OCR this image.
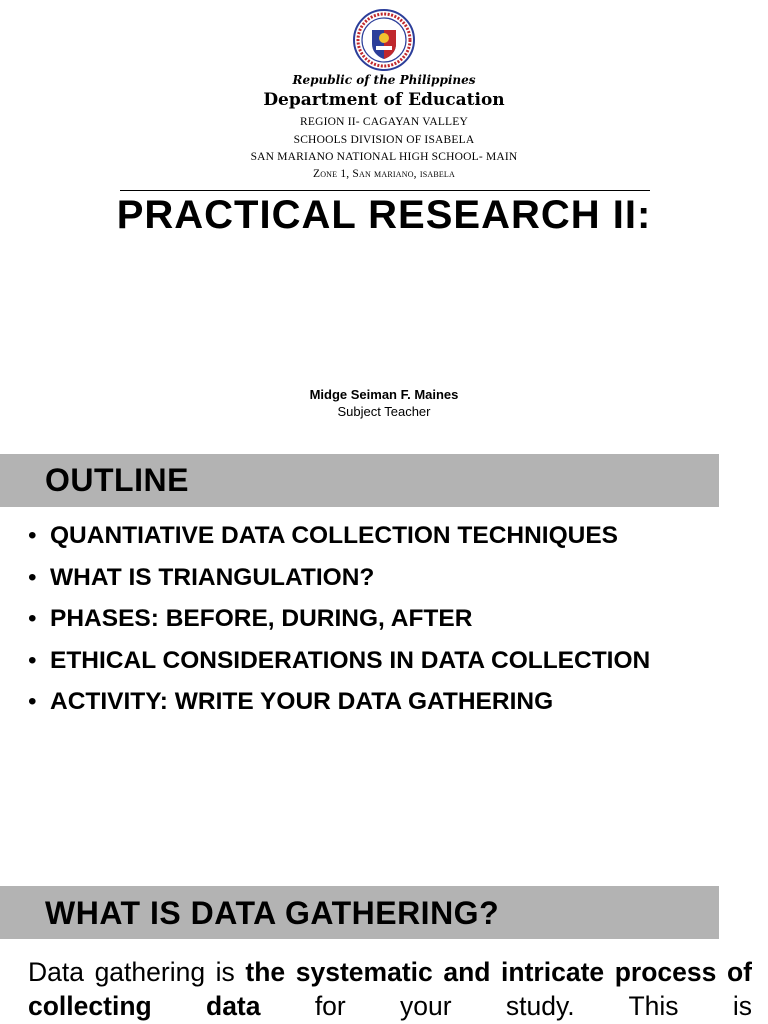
Republic of the Philippines
Department of Education
REGION II- CAGAYAN VALLEY
SCHOOLS DIVISION OF ISABELA
SAN MARIANO NATIONAL HIGH SCHOOL- MAIN
Zone 1, San mariano, isabela
PRACTICAL RESEARCH II:
Midge Seiman F. Maines
Subject Teacher
OUTLINE
• QUANTIATIVE DATA COLLECTION TECHNIQUES
• WHAT IS TRIANGULATION?
• PHASES: BEFORE, DURING, AFTER
• ETHICAL CONSIDERATIONS IN DATA COLLECTION
• ACTIVITY: WRITE YOUR DATA GATHERING
WHAT IS DATA GATHERING?
Data gathering is the systematic and intricate process of collecting data for your study. This is
